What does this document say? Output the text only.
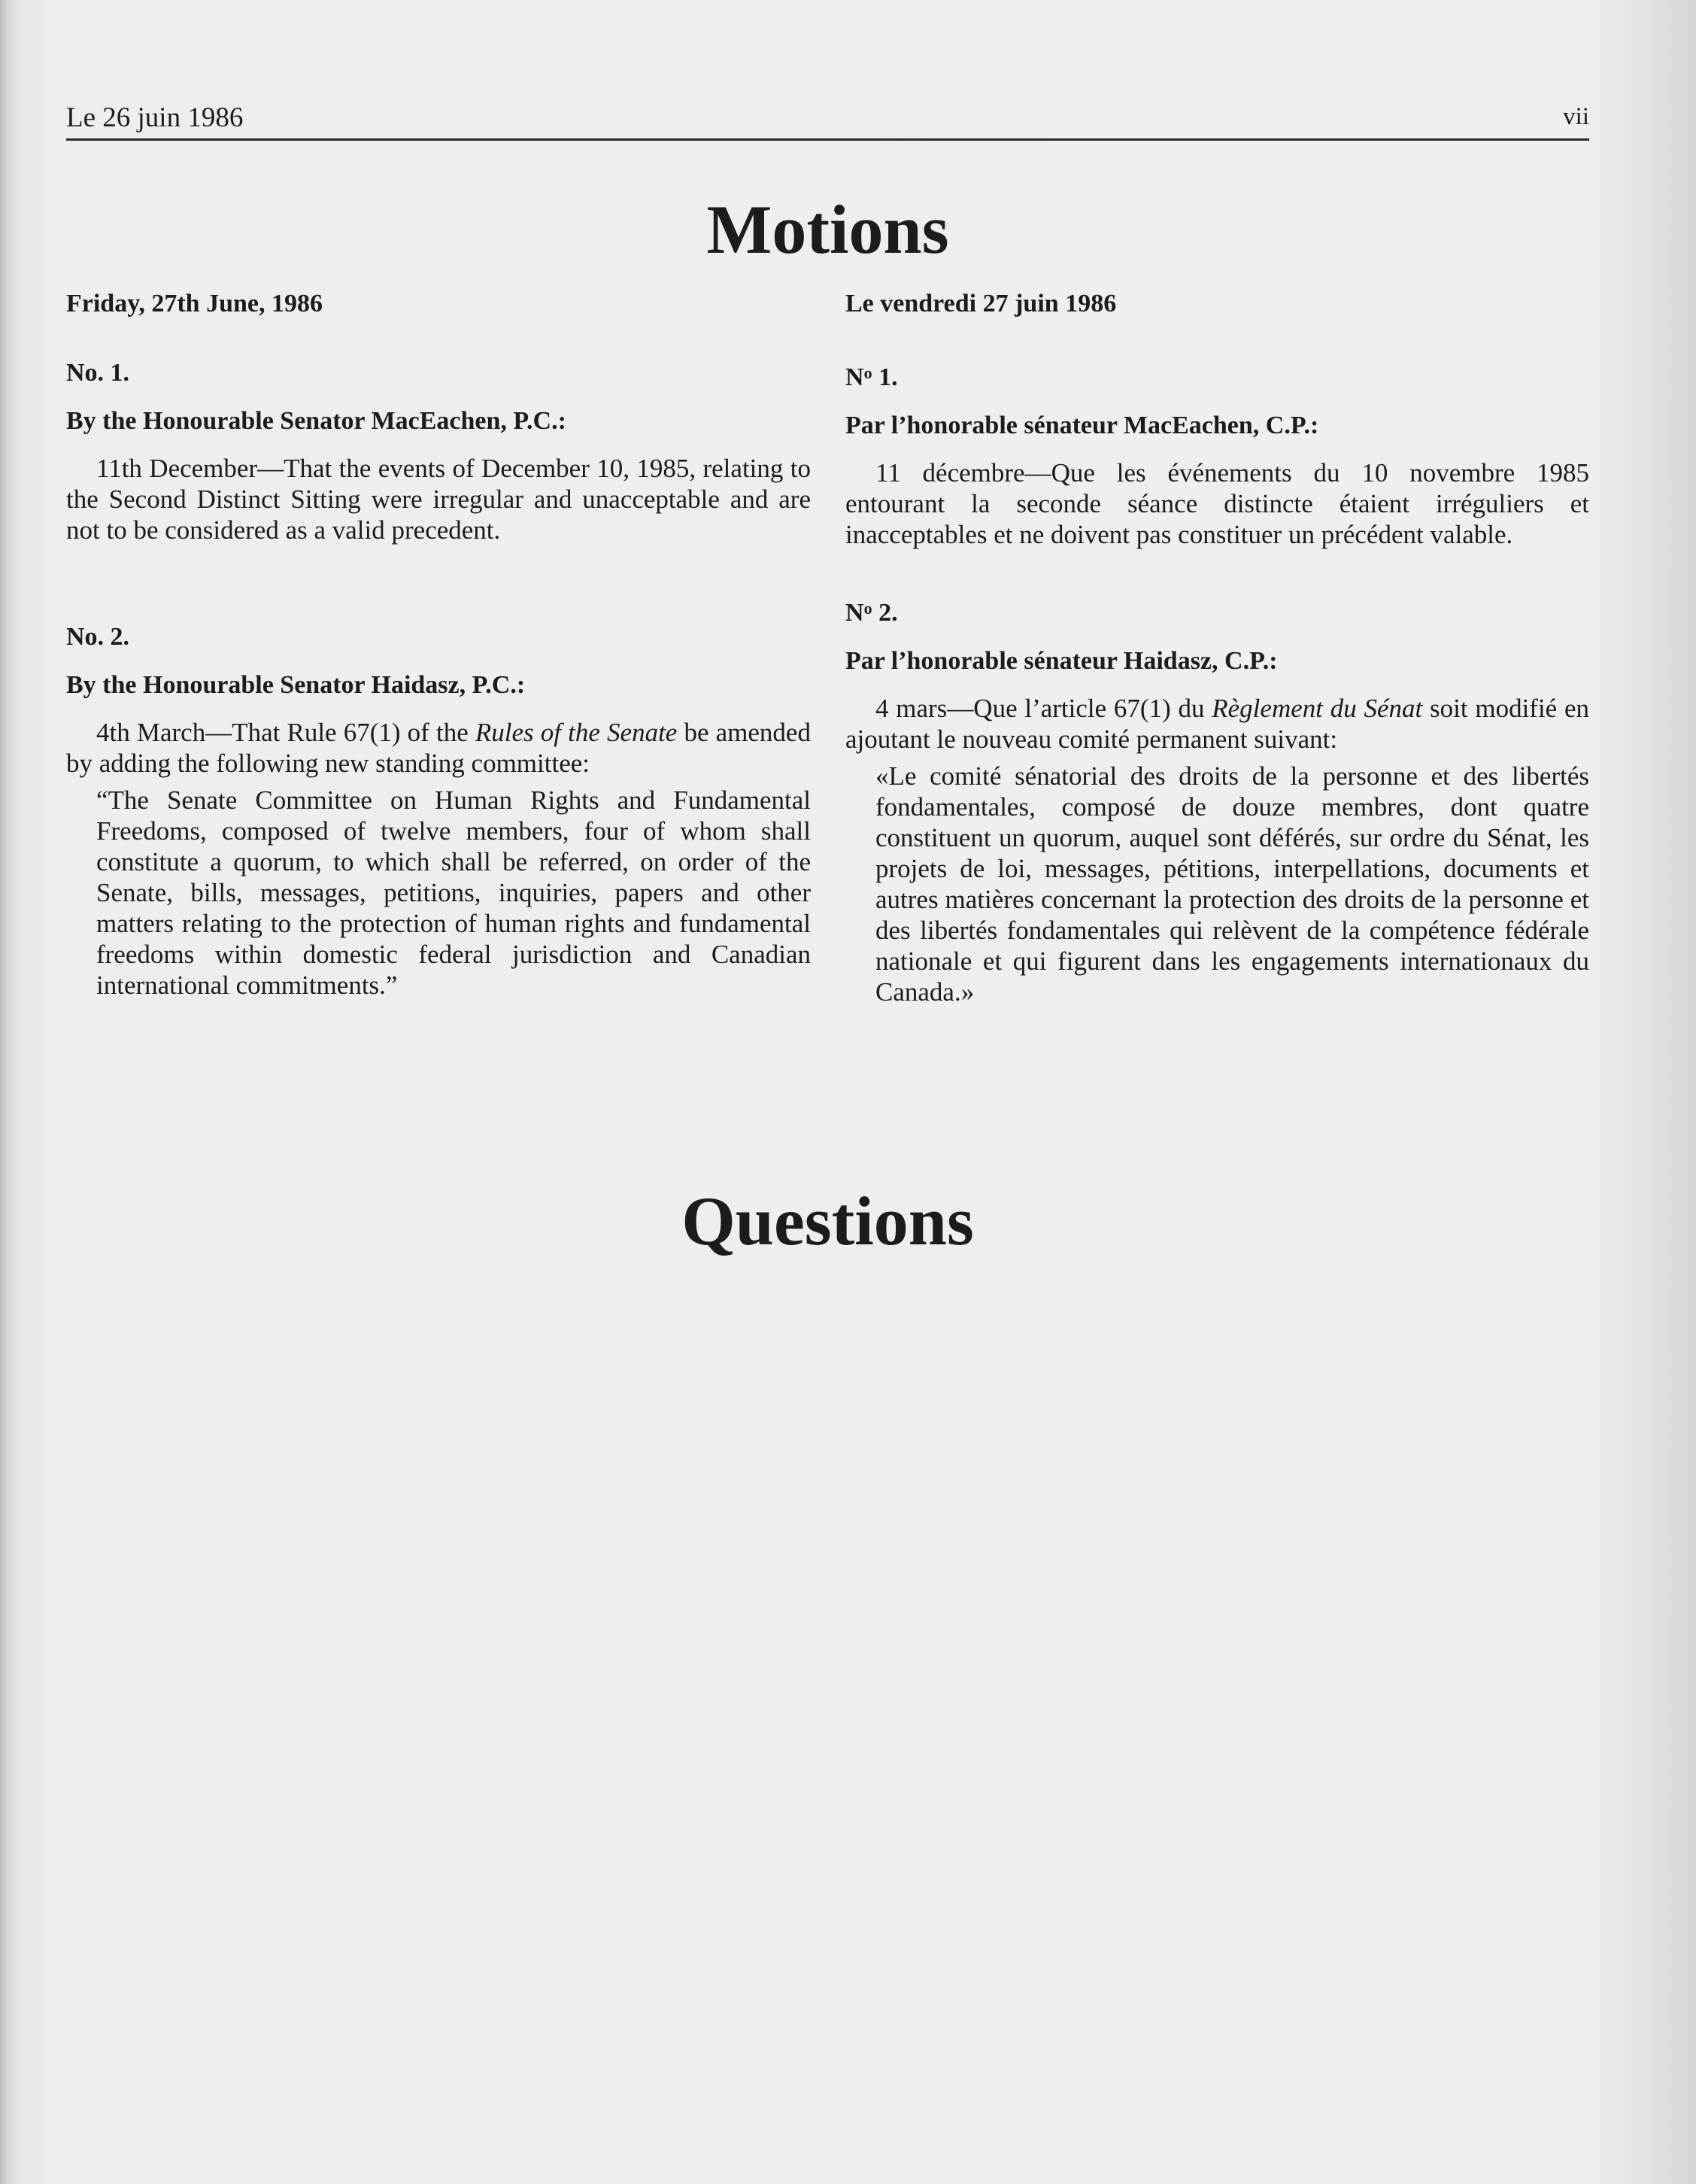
Le 26 juin 1986	vii
Motions
Friday, 27th June, 1986
No. 1.
By the Honourable Senator MacEachen, P.C.:

11th December—That the events of December 10, 1985, relating to the Second Distinct Sitting were irregular and unacceptable and are not to be considered as a valid precedent.

No. 2.
By the Honourable Senator Haidasz, P.C.:

4th March—That Rule 67(1) of the Rules of the Senate be amended by adding the following new standing committee:

“The Senate Committee on Human Rights and Fundamental Freedoms, composed of twelve members, four of whom shall constitute a quorum, to which shall be referred, on order of the Senate, bills, messages, petitions, inquiries, papers and other matters relating to the protection of human rights and fundamental freedoms within domestic federal jurisdiction and Canadian international commitments.”

Le vendredi 27 juin 1986
$N^o$ 1.
Par l’honorable sénateur MacEachen, C.P.:

11 décembre—Que les événements du 10 novembre 1985 entourant la seconde séance distincte étaient irréguliers et inacceptables et ne doivent pas constituer un précédent valable.

$N^o$ 2.
Par l’honorable sénateur Haidasz, C.P.:

4 mars—Que l’article 67(1) du Règlement du Sénat soit modifié en ajoutant le nouveau comité permanent suivant:

«Le comité sénatorial des droits de la personne et des libertés fondamentales, composé de douze membres, dont quatre constituent un quorum, auquel sont déférés, sur ordre du Sénat, les projets de loi, messages, pétitions, interpellations, documents et autres matières concernant la protection des droits de la personne et des libertés fondamentales qui relèvent de la compétence fédérale nationale et qui figurent dans les engagements internationaux du Canada.»

Questions
